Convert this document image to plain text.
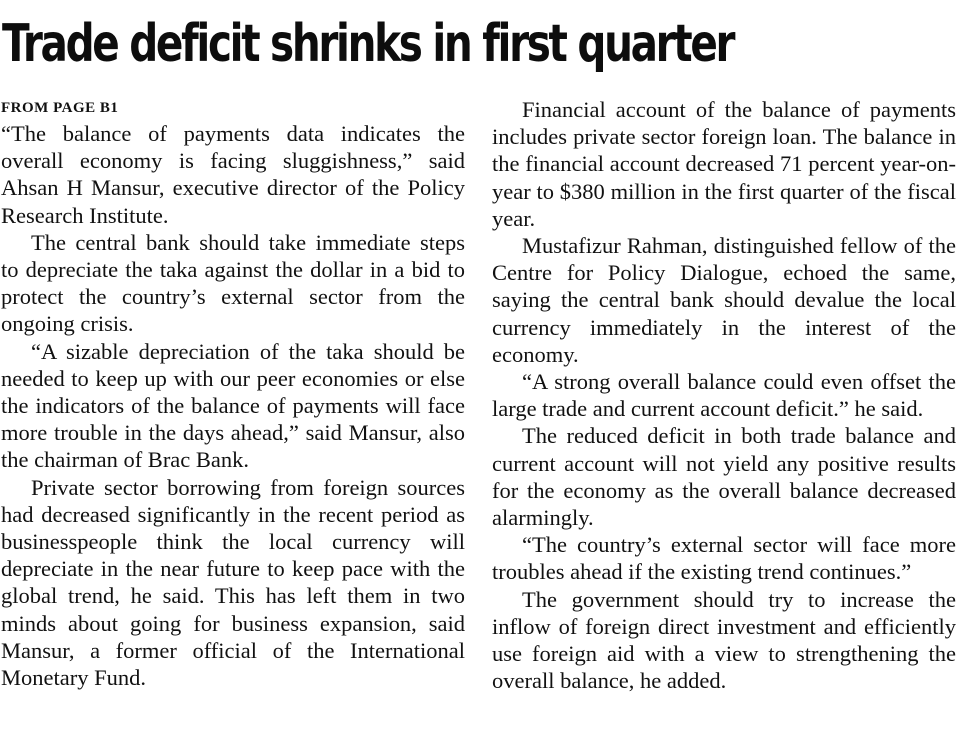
Trade deficit shrinks in first quarter

FROM PAGE B1

“The balance of payments data indicates the overall economy is facing sluggishness,” said Ahsan H Mansur, executive director of the Policy Research Institute.

The central bank should take immediate steps to depreciate the taka against the dollar in a bid to protect the country’s external sector from the ongoing crisis.

“A sizable depreciation of the taka should be needed to keep up with our peer economies or else the indicators of the balance of payments will face more trouble in the days ahead,” said Mansur, also the chairman of Brac Bank.

Private sector borrowing from foreign sources had decreased significantly in the recent period as businesspeople think the local currency will depreciate in the near future to keep pace with the global trend, he said. This has left them in two minds about going for business expansion, said Mansur, a former official of the International Monetary Fund.

Financial account of the balance of payments includes private sector foreign loan. The balance in the financial account decreased 71 percent year-on-year to $380 million in the first quarter of the fiscal year.

Mustafizur Rahman, distinguished fellow of the Centre for Policy Dialogue, echoed the same, saying the central bank should devalue the local currency immediately in the interest of the economy.

“A strong overall balance could even offset the large trade and current account deficit.” he said.

The reduced deficit in both trade balance and current account will not yield any positive results for the economy as the overall balance decreased alarmingly.

“The country’s external sector will face more troubles ahead if the existing trend continues.”

The government should try to increase the inflow of foreign direct investment and efficiently use foreign aid with a view to strengthening the overall balance, he added.
